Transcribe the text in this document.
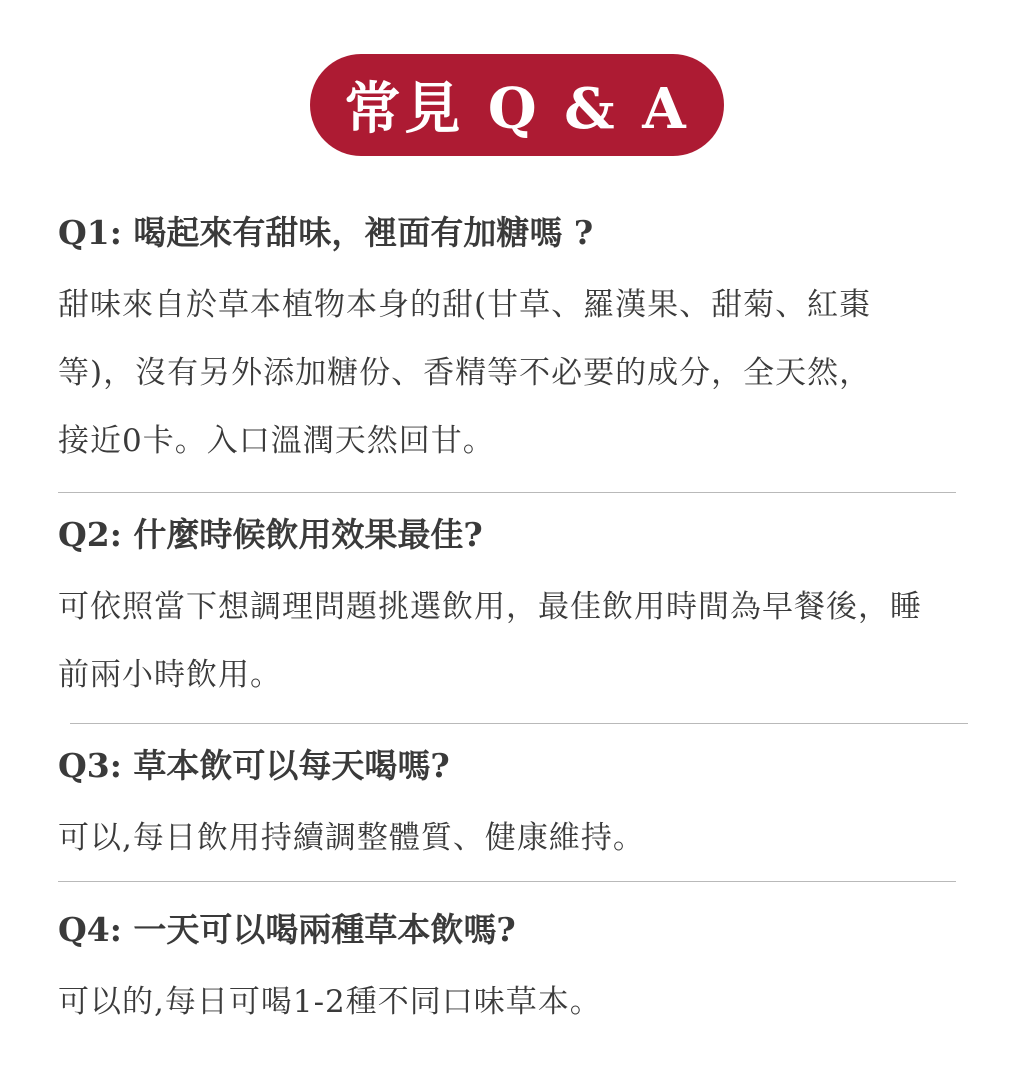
常見 Q & A

Q1: 喝起來有甜味，裡面有加糖嗎 ?

甜味來自於草本植物本身的甜(甘草、羅漢果、甜菊、紅棗
等)，沒有另外添加糖份、香精等不必要的成分，全天然，
接近0卡。入口溫潤天然回甘。

Q2: 什麼時候飲用效果最佳?

可依照當下想調理問題挑選飲用，最佳飲用時間為早餐後，睡
前兩小時飲用。

Q3: 草本飲可以每天喝嗎?

可以,每日飲用持續調整體質、健康維持。

Q4: 一天可以喝兩種草本飲嗎?

可以的,每日可喝1-2種不同口味草本。
